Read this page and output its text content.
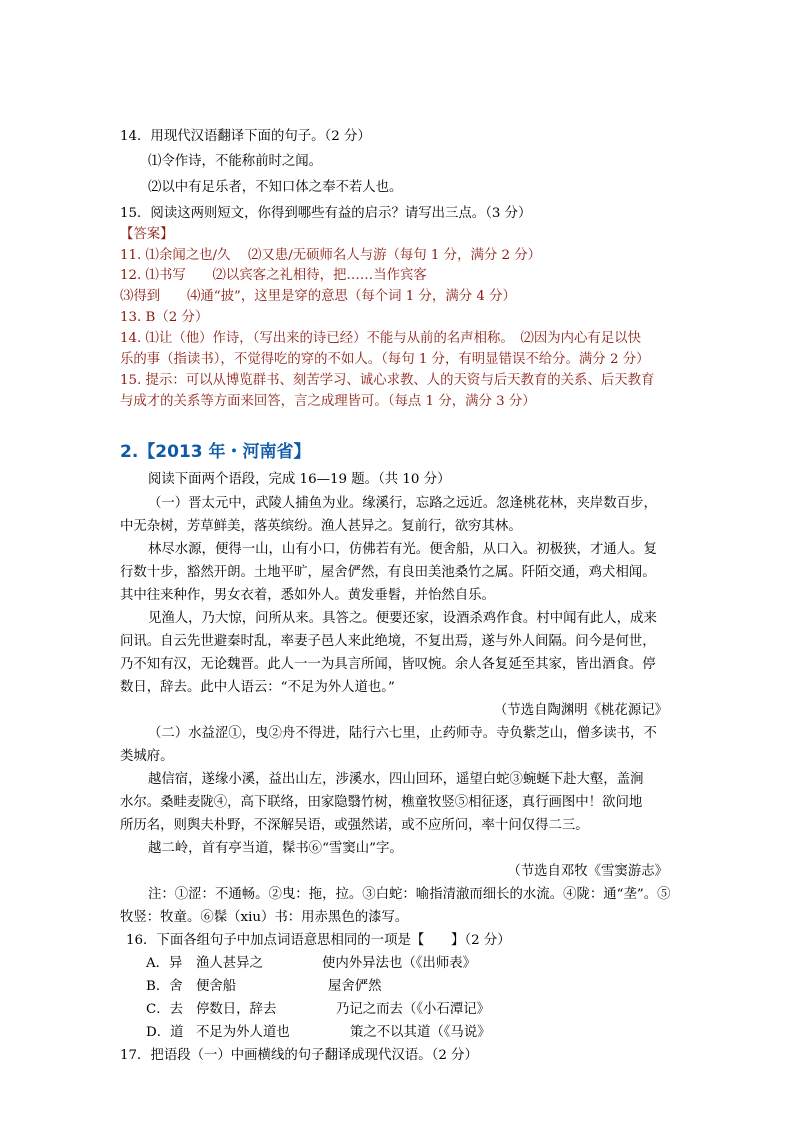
14．用现代汉语翻译下面的句子。（2 分）
⑴令作诗，不能称前时之闻。
⑵以中有足乐者，不知口体之奉不若人也。
15．阅读这两则短文，你得到哪些有益的启示？请写出三点。（3 分）
【答案】
11. ⑴余闻之也/久　 ⑵又患/无硕师名人与游（每句 1 分，满分 2 分）
12. ⑴书写　　⑵以宾客之礼相待，把……当作宾客
⑶得到　　⑷通“披”，这里是穿的意思（每个词 1 分，满分 4 分）
13. B（2 分）
14. ⑴让（他）作诗，（写出来的诗已经）不能与从前的名声相称。　⑵因为内心有足以快
乐的事（指读书），不觉得吃的穿的不如人。（每句 1 分，有明显错误不给分。满分 2 分）
15. 提示：可以从博览群书、刻苦学习、诚心求教、人的天资与后天教育的关系、后天教育
与成才的关系等方面来回答，言之成理皆可。（每点 1 分，满分 3 分）
2.【2013 年・河南省】
阅读下面两个语段，完成 16—19 题。（共 10 分）
（一）晋太元中，武陵人捕鱼为业。缘溪行，忘路之远近。忽逢桃花林，夹岸数百步，
中无杂树，芳草鲜美，落英缤纷。渔人甚异之。复前行，欲穷其林。
林尽水源，便得一山，山有小口，仿佛若有光。便舍船，从口入。初极狭，才通人。复
行数十步，豁然开朗。土地平旷，屋舍俨然，有良田美池桑竹之属。阡陌交通，鸡犬相闻。
其中往来种作，男女衣着，悉如外人。黄发垂髫，并怡然自乐。
见渔人，乃大惊，问所从来。具答之。便要还家，设酒杀鸡作食。村中闻有此人，成来
问讯。自云先世避秦时乱，率妻子邑人来此绝境，不复出焉，遂与外人间隔。问今是何世，
乃不知有汉，无论魏晋。此人一一为具言所闻，皆叹惋。余人各复延至其家，皆出酒食。停
数日，辞去。此中人语云：“不足为外人道也。”
（节选自陶渊明《桃花源记》
（二）水益涩①，曳②舟不得进，陆行六七里，止药师寺。寺负紫芝山，僧多读书，不
类城府。
越信宿，遂缘小溪，益出山左，涉溪水，四山回环，遥望白蛇③蜿蜒下赴大壑，盖涧
水尔。桑畦麦陇④，高下联络，田家隐翳竹树，樵童牧竖⑤相征逐，真行画图中！欲问地
所历名，则舆夫朴野，不深解吴语，或强然诺，或不应所问，率十问仅得二三。
越二岭，首有亭当道，髹书⑥“雪窦山”字。
（节选自邓牧《雪窦游志》
注：①涩：不通畅。②曳：拖，拉。③白蛇：喻指清澈而细长的水流。④陇：通“垄”。⑤
牧竖：牧童。⑥髹（xiu）书：用赤黑色的漆写。
16．下面各组句子中加点词语意思相同的一项是【　　】（2 分）
A．异 渔人甚异之	使内外异法也（《出师表》
B．舍 便舍船	屋舍俨然
C．去 停数日，辞去	乃记之而去（《小石潭记》
D．道 不足为外人道也	策之不以其道（《马说》
17．把语段（一）中画横线的句子翻译成现代汉语。（2 分）
